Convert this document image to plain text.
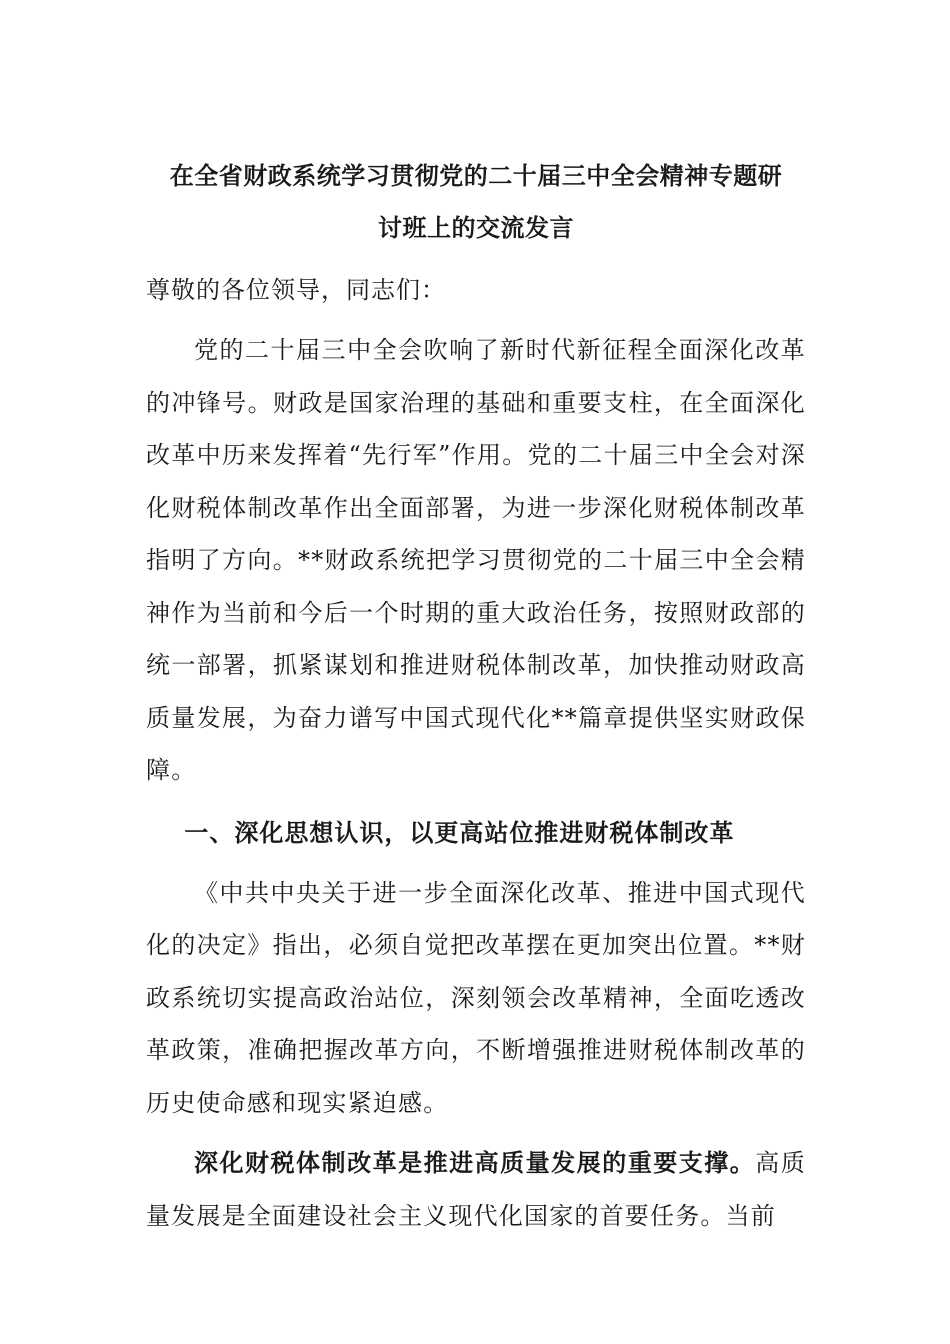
在全省财政系统学习贯彻党的二十届三中全会精神专题研
讨班上的交流发言

尊敬的各位领导，同志们：

党的二十届三中全会吹响了新时代新征程全面深化改革的冲锋号。财政是国家治理的基础和重要支柱，在全面深化改革中历来发挥着“先行军”作用。党的二十届三中全会对深化财税体制改革作出全面部署，为进一步深化财税体制改革指明了方向。**财政系统把学习贯彻党的二十届三中全会精神作为当前和今后一个时期的重大政治任务，按照财政部的统一部署，抓紧谋划和推进财税体制改革，加快推动财政高质量发展，为奋力谱写中国式现代化**篇章提供坚实财政保障。

一、深化思想认识，以更高站位推进财税体制改革

《中共中央关于进一步全面深化改革、推进中国式现代化的决定》指出，必须自觉把改革摆在更加突出位置。**财政系统切实提高政治站位，深刻领会改革精神，全面吃透改革政策，准确把握改革方向，不断增强推进财税体制改革的历史使命感和现实紧迫感。

深化财税体制改革是推进高质量发展的重要支撑。高质量发展是全面建设社会主义现代化国家的首要任务。当前
